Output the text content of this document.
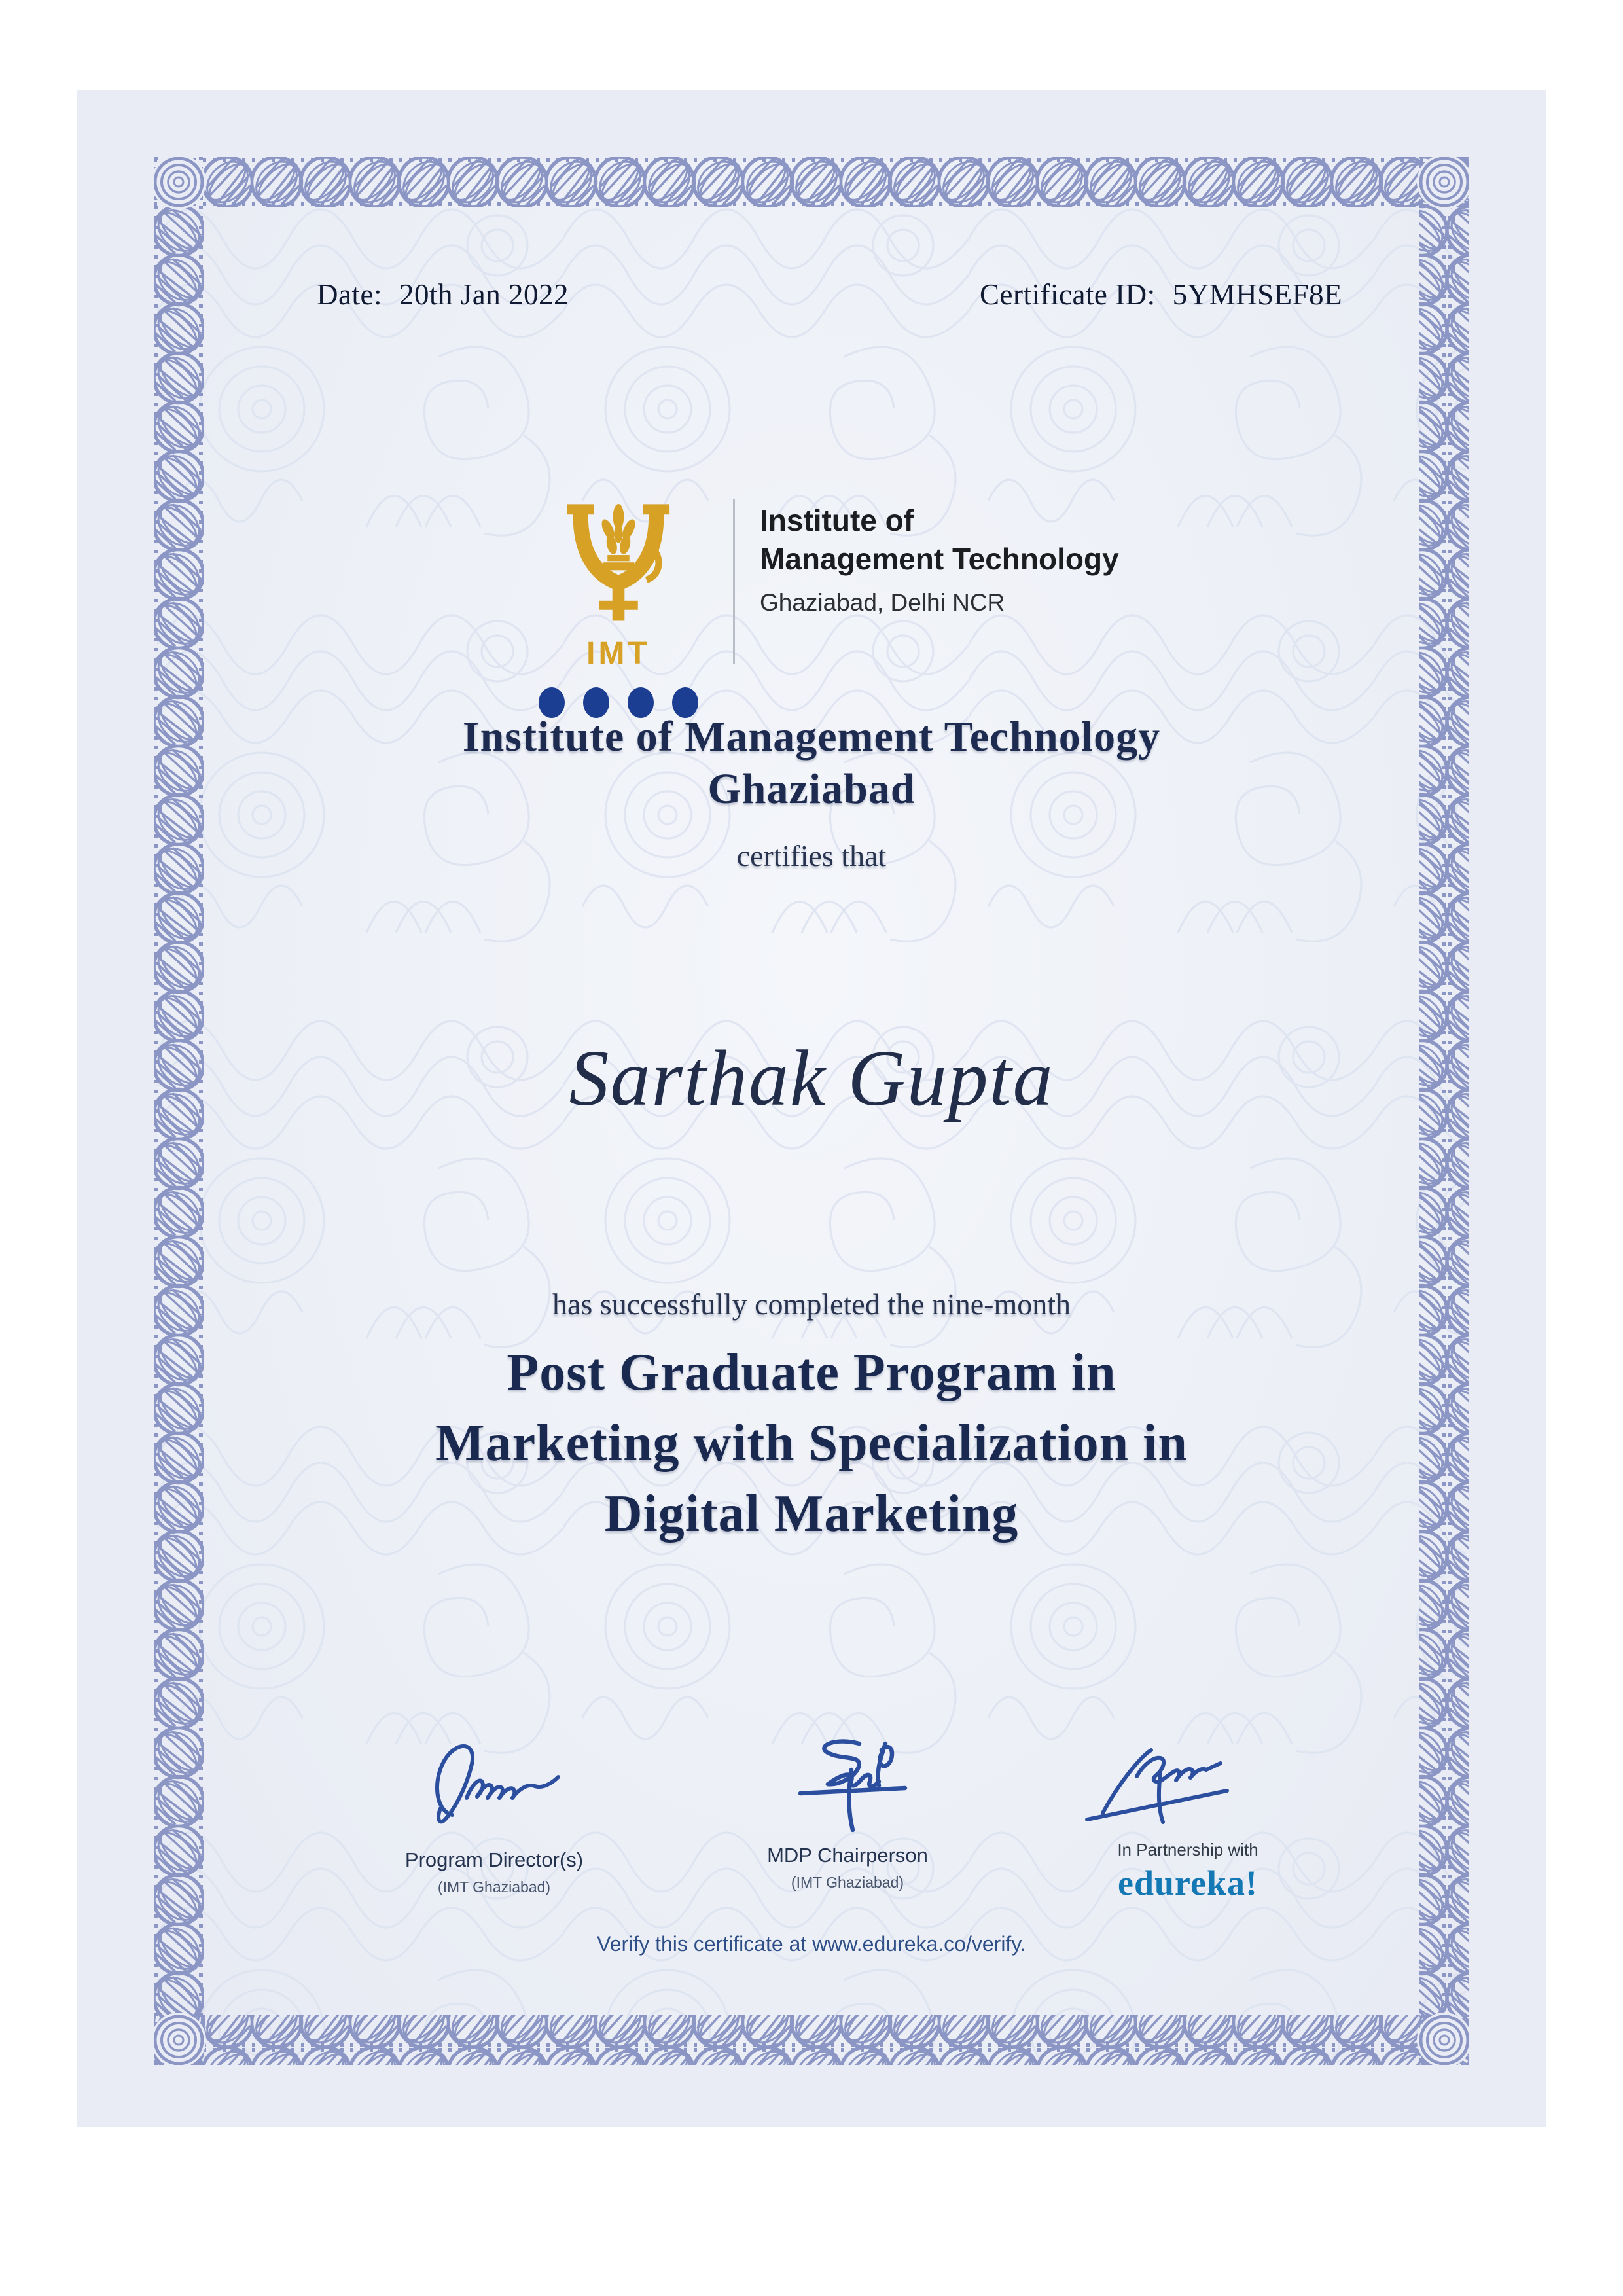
Date: 20th Jan 2022	Certificate ID: 5YMHSEF8E
IMT
Institute of
Management Technology
Ghaziabad, Delhi NCR
Institute of Management Technology
Ghaziabad
certifies that
Sarthak Gupta
has successfully completed the nine-month
Post Graduate Program in
Marketing with Specialization in
Digital Marketing
Program Director(s)
(IMT Ghaziabad)
MDP Chairperson
(IMT Ghaziabad)
In Partnership with
edureka!
Verify this certificate at www.edureka.co/verify.
